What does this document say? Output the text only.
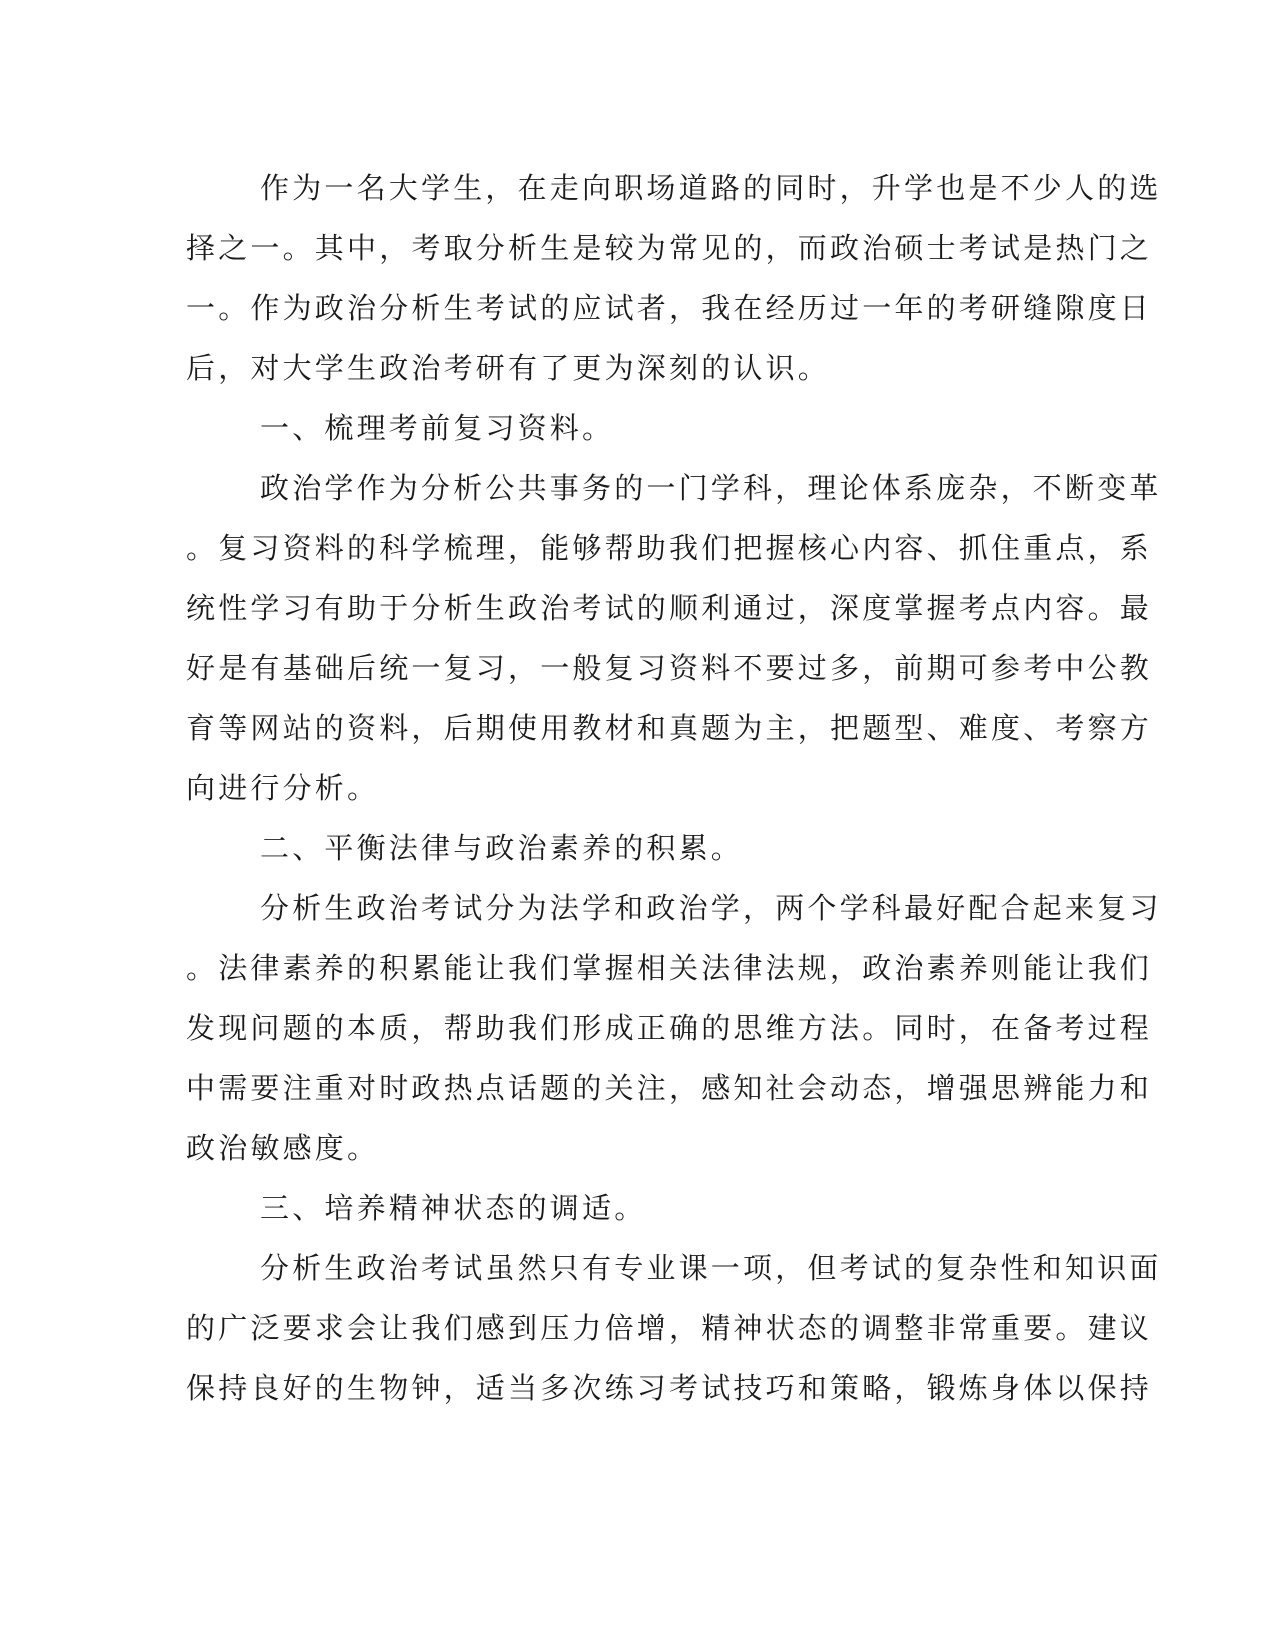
作为一名大学生，在走向职场道路的同时，升学也是不少人的选
择之一。其中，考取分析生是较为常见的，而政治硕士考试是热门之
一。作为政治分析生考试的应试者，我在经历过一年的考研缝隙度日
后，对大学生政治考研有了更为深刻的认识。

一、梳理考前复习资料。

政治学作为分析公共事务的一门学科，理论体系庞杂，不断变革
。复习资料的科学梳理，能够帮助我们把握核心内容、抓住重点，系
统性学习有助于分析生政治考试的顺利通过，深度掌握考点内容。最
好是有基础后统一复习，一般复习资料不要过多，前期可参考中公教
育等网站的资料，后期使用教材和真题为主，把题型、难度、考察方
向进行分析。

二、平衡法律与政治素养的积累。

分析生政治考试分为法学和政治学，两个学科最好配合起来复习
。法律素养的积累能让我们掌握相关法律法规，政治素养则能让我们
发现问题的本质，帮助我们形成正确的思维方法。同时，在备考过程
中需要注重对时政热点话题的关注，感知社会动态，增强思辨能力和
政治敏感度。

三、培养精神状态的调适。

分析生政治考试虽然只有专业课一项，但考试的复杂性和知识面
的广泛要求会让我们感到压力倍增，精神状态的调整非常重要。建议
保持良好的生物钟，适当多次练习考试技巧和策略，锻炼身体以保持
